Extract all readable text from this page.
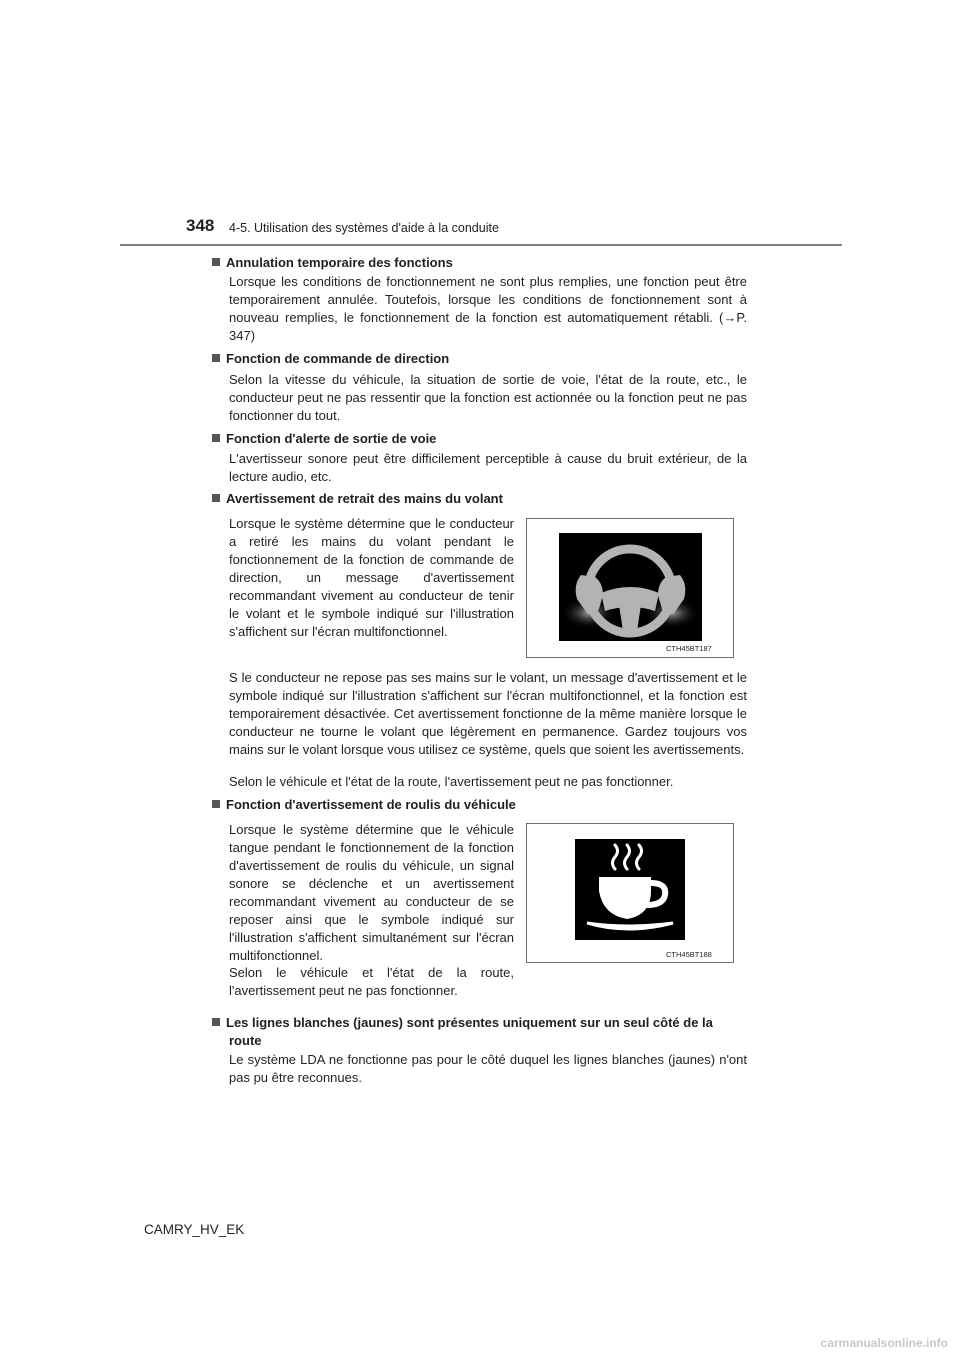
348 4-5. Utilisation des systèmes d'aide à la conduite
Annulation temporaire des fonctions
Lorsque les conditions de fonctionnement ne sont plus remplies, une fonction peut être temporairement annulée. Toutefois, lorsque les conditions de fonctionnement sont à nouveau remplies, le fonctionnement de la fonction est automatiquement rétabli. (→P. 347)
Fonction de commande de direction
Selon la vitesse du véhicule, la situation de sortie de voie, l'état de la route, etc., le conducteur peut ne pas ressentir que la fonction est actionnée ou la fonction peut ne pas fonctionner du tout.
Fonction d'alerte de sortie de voie
L'avertisseur sonore peut être difficilement perceptible à cause du bruit extérieur, de la lecture audio, etc.
Avertissement de retrait des mains du volant
Lorsque le système détermine que le conducteur a retiré les mains du volant pendant le fonctionnement de la fonction de commande de direction, un message d'avertissement recommandant vivement au conducteur de tenir le volant et le symbole indiqué sur l'illustration s'affichent sur l'écran multifonctionnel.
CTH45BT187
S le conducteur ne repose pas ses mains sur le volant, un message d'avertissement et le symbole indiqué sur l'illustration s'affichent sur l'écran multifonctionnel, et la fonction est temporairement désactivée. Cet avertissement fonctionne de la même manière lorsque le conducteur ne tourne le volant que légèrement en permanence. Gardez toujours vos mains sur le volant lorsque vous utilisez ce système, quels que soient les avertissements.
Selon le véhicule et l'état de la route, l'avertissement peut ne pas fonctionner.
Fonction d'avertissement de roulis du véhicule
Lorsque le système détermine que le véhicule tangue pendant le fonctionnement de la fonction d'avertissement de roulis du véhicule, un signal sonore se déclenche et un avertissement recommandant vivement au conducteur de se reposer ainsi que le symbole indiqué sur l'illustration s'affichent simultanément sur l'écran multifonctionnel.
Selon le véhicule et l'état de la route, l'avertissement peut ne pas fonctionner.
CTH45BT188
Les lignes blanches (jaunes) sont présentes uniquement sur un seul côté de la route
Le système LDA ne fonctionne pas pour le côté duquel les lignes blanches (jaunes) n'ont pas pu être reconnues.
CAMRY_HV_EK
carmanualsonline.info
